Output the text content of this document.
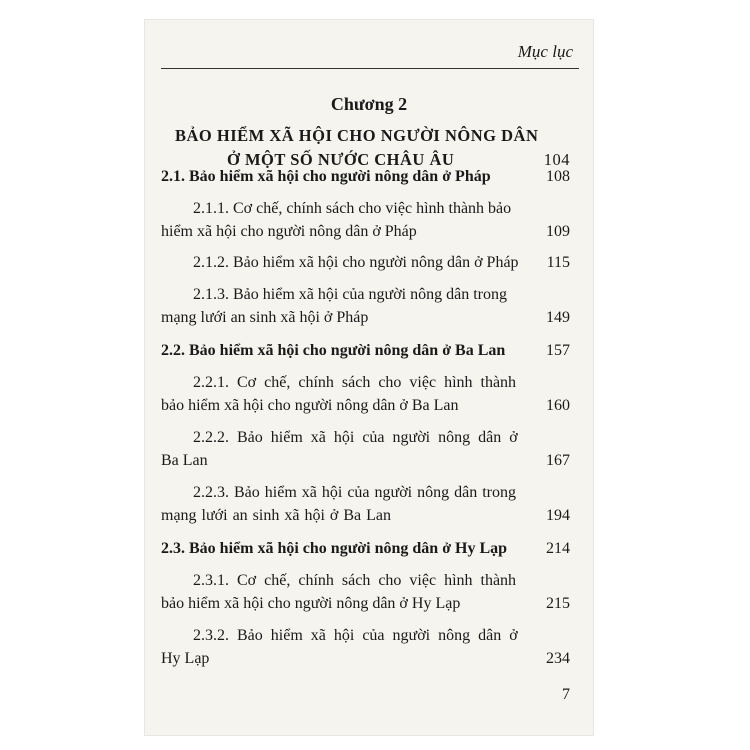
Mục lục
Chương 2
BẢO HIỂM XÃ HỘI CHO NGƯỜI NÔNG DÂN
Ở MỘT SỐ NƯỚC CHÂU ÂU	104
2.1. Bảo hiểm xã hội cho người nông dân ở Pháp	108
2.1.1. Cơ chế, chính sách cho việc hình thành bảo
hiểm xã hội cho người nông dân ở Pháp	109
2.1.2. Bảo hiểm xã hội cho người nông dân ở Pháp 115
2.1.3. Bảo hiểm xã hội của người nông dân trong
mạng lưới an sinh xã hội ở Pháp	149
2.2. Bảo hiểm xã hội cho người nông dân ở Ba Lan	157
2.2.1. Cơ chế, chính sách cho việc hình thành
bảo hiểm xã hội cho người nông dân ở Ba Lan	160
2.2.2. Bảo hiểm xã hội của người nông dân ở
Ba Lan	167
2.2.3. Bảo hiểm xã hội của người nông dân trong
mạng lưới an sinh xã hội ở Ba Lan	194
2.3. Bảo hiểm xã hội cho người nông dân ở Hy Lạp 214
2.3.1. Cơ chế, chính sách cho việc hình thành
bảo hiểm xã hội cho người nông dân ở Hy Lạp	215
2.3.2. Bảo hiểm xã hội của người nông dân ở
Hy Lạp	234
7
